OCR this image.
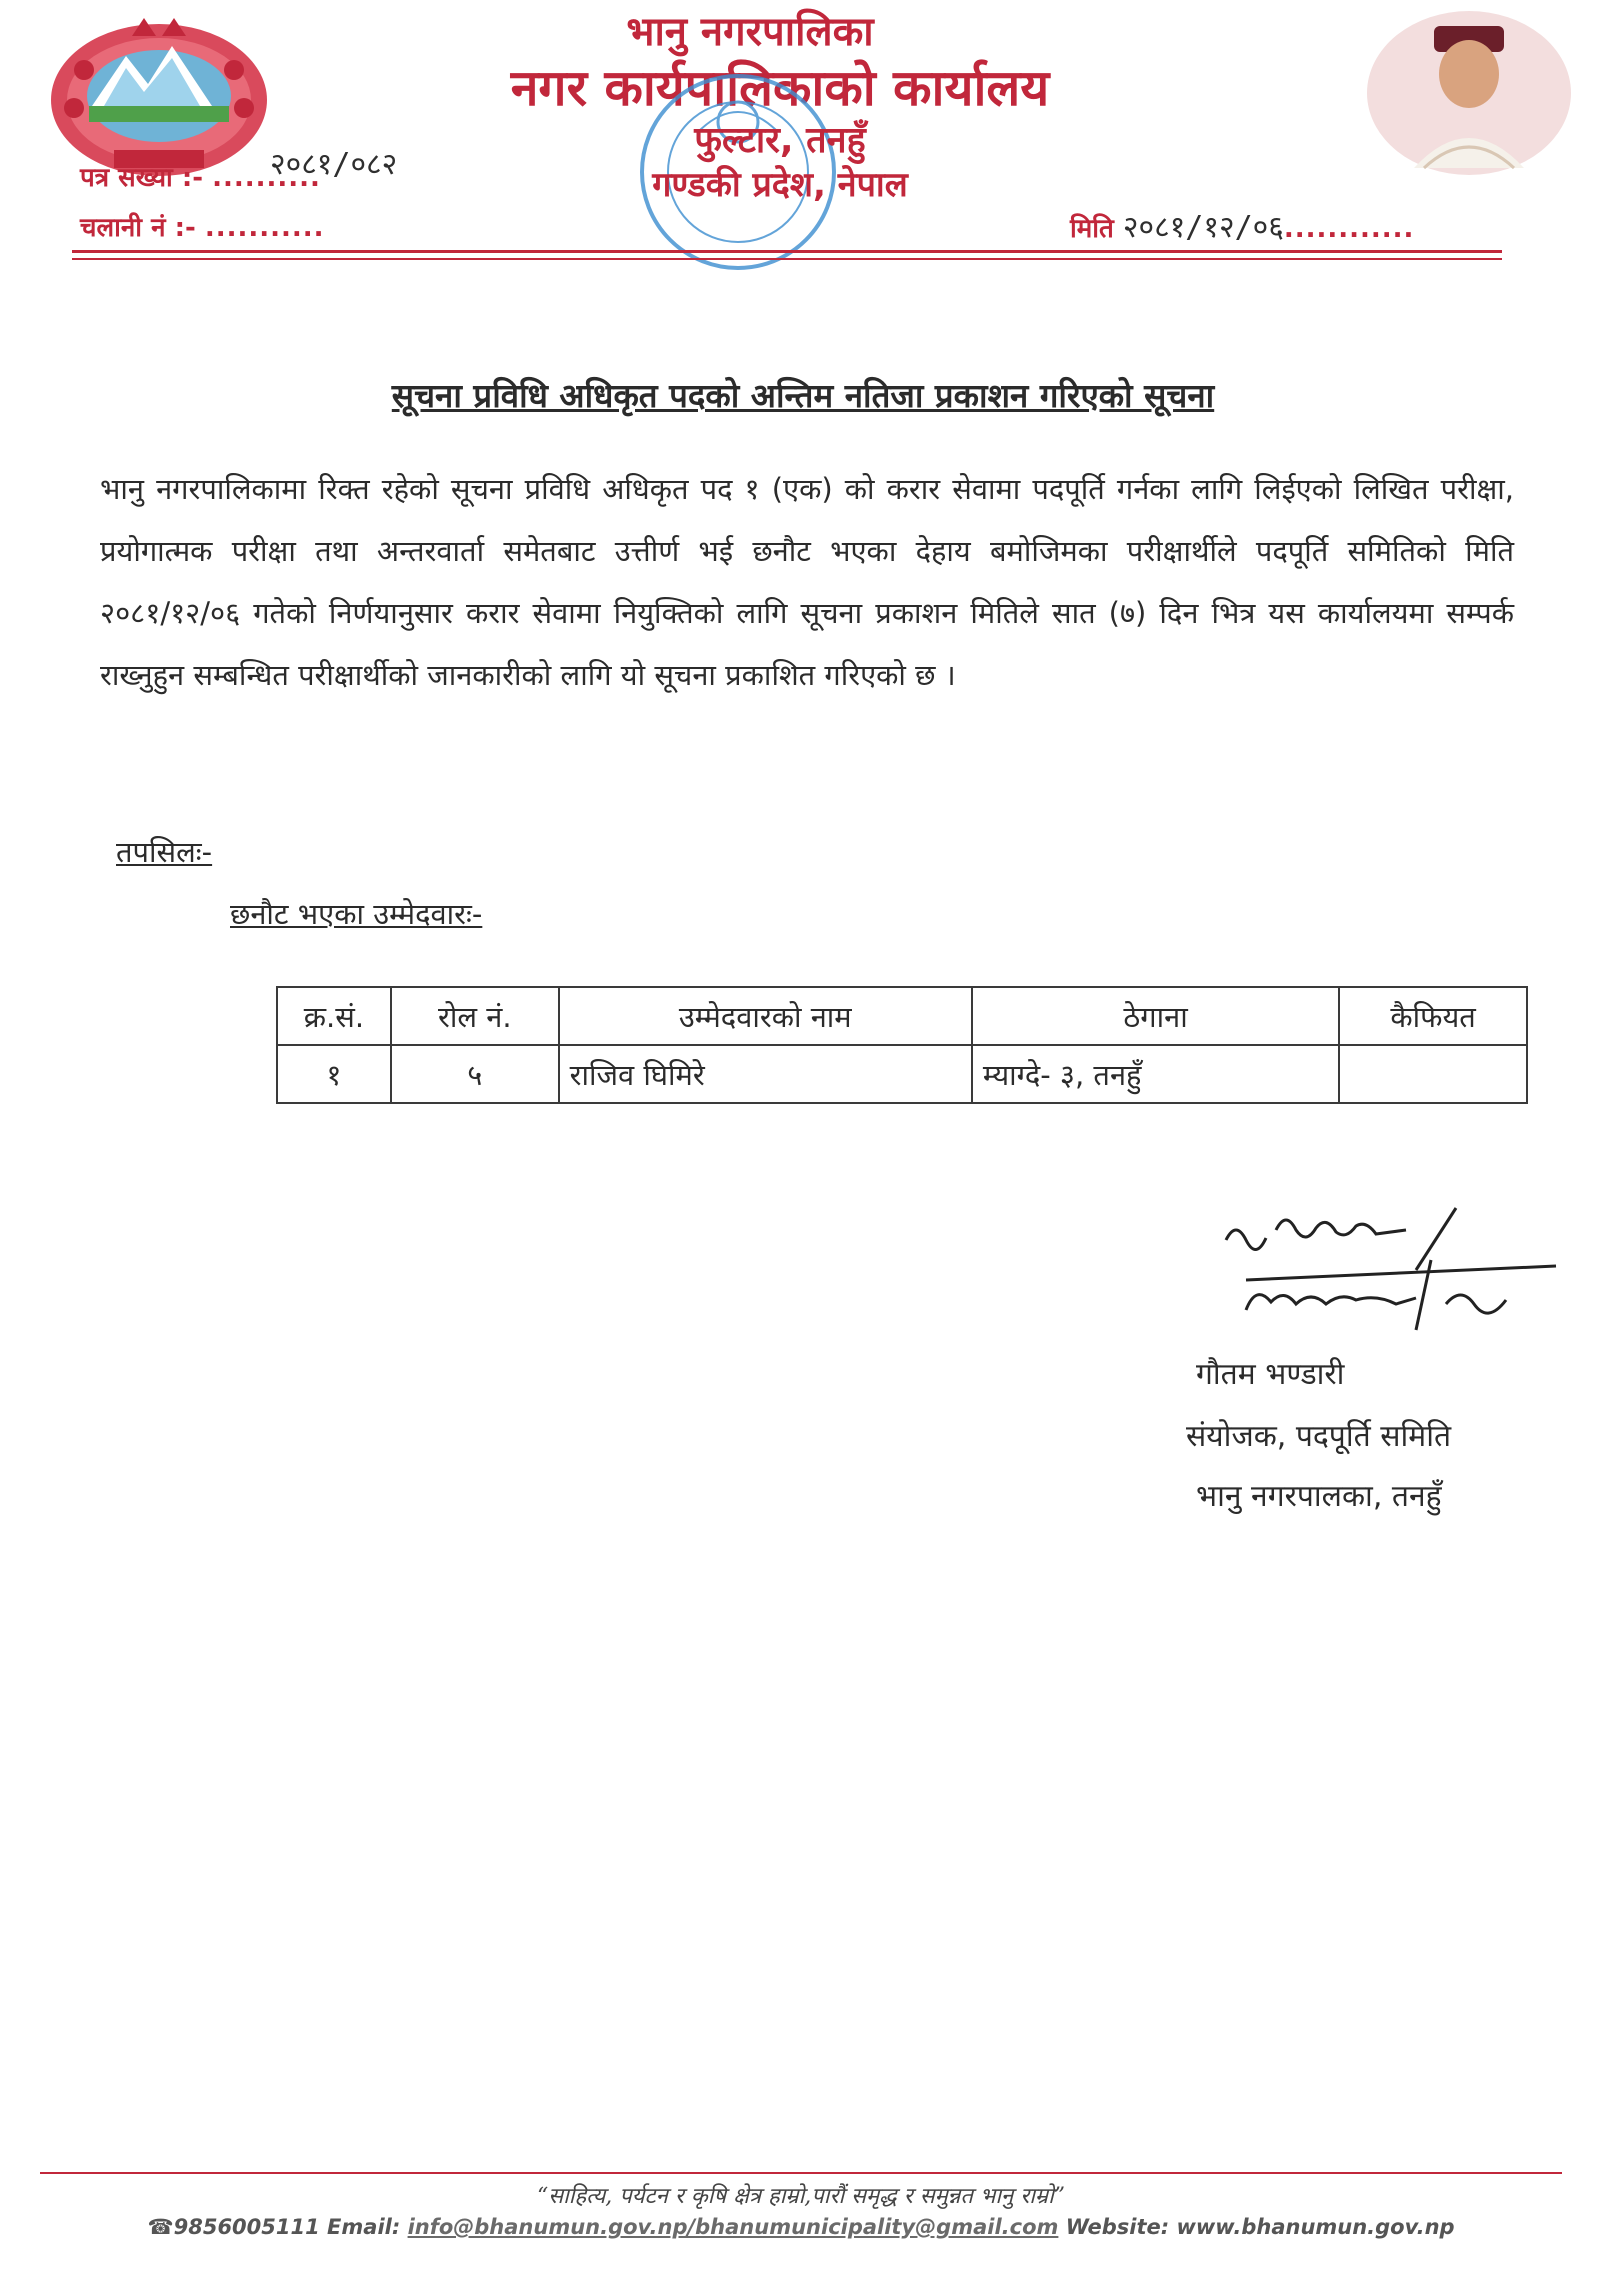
भानु नगरपालिका
नगर कार्यपालिकाको कार्यालय
फुल्टार, तनहुँ
गण्डकी प्रदेश, नेपाल
पत्र संख्या :- ..........
२०८१/०८२
चलानी नं :- ...........	मिति २०८१/१२/०६............
सूचना प्रविधि अधिकृत पदको अन्तिम नतिजा प्रकाशन गरिएको सूचना
भानु नगरपालिकामा रिक्त रहेको सूचना प्रविधि अधिकृत पद १ (एक) को करार सेवामा पदपूर्ति गर्नका लागि लिईएको लिखित परीक्षा, प्रयोगात्मक परीक्षा तथा अन्तरवार्ता समेतबाट उत्तीर्ण भई छनौट भएका देहाय बमोजिमका परीक्षार्थीले पदपूर्ति समितिको मिति २०८१/१२/०६ गतेको निर्णयानुसार करार सेवामा नियुक्तिको लागि सूचना प्रकाशन मितिले सात (७) दिन भित्र यस कार्यालयमा सम्पर्क राख्नुहुन सम्बन्धित परीक्षार्थीको जानकारीको लागि यो सूचना प्रकाशित गरिएको छ ।
तपसिलः-
छनौट भएका उम्मेदवारः-
क्र.सं.	रोल नं.	उम्मेदवारको नाम	ठेगाना	कैफियत
१	५	राजिव घिमिरे	म्याग्दे- ३, तनहुँ	
गौतम भण्डारी
संयोजक, पदपूर्ति समिति
भानु नगरपालका, तनहुँ
“साहित्य, पर्यटन र कृषि क्षेत्र हाम्रो,पारौं समृद्ध र समुन्नत भानु राम्रो”
☎9856005111 Email: info@bhanumun.gov.np/bhanumunicipality@gmail.com Website: www.bhanumun.gov.np
